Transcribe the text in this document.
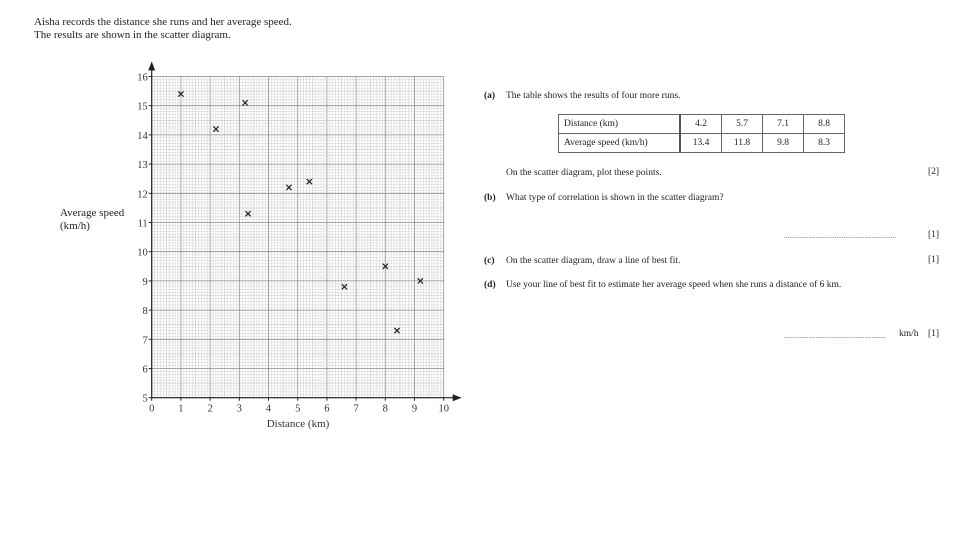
Aisha records the distance she runs and her average speed.
The results are shown in the scatter diagram.
Average speed
(km/h)
0 1 2 3 4 5 6 7 8 9 10
5
6
7
8
9
10
11
12
13
14
15
16
Distance (km)
(a) The table shows the results of four more runs.
Distance (km)	4.2	5.7	7.1	8.8
Average speed (km/h)	13.4	11.8	9.8	8.3
On the scatter diagram, plot these points.	[2]
(b) What type of correlation is shown in the scatter diagram?
................................................................	[1]
(c) On the scatter diagram, draw a line of best fit.	[1]
(d) Use your line of best fit to estimate her average speed when she runs a distance of 6 km.
.......................................................... km/h [1]
